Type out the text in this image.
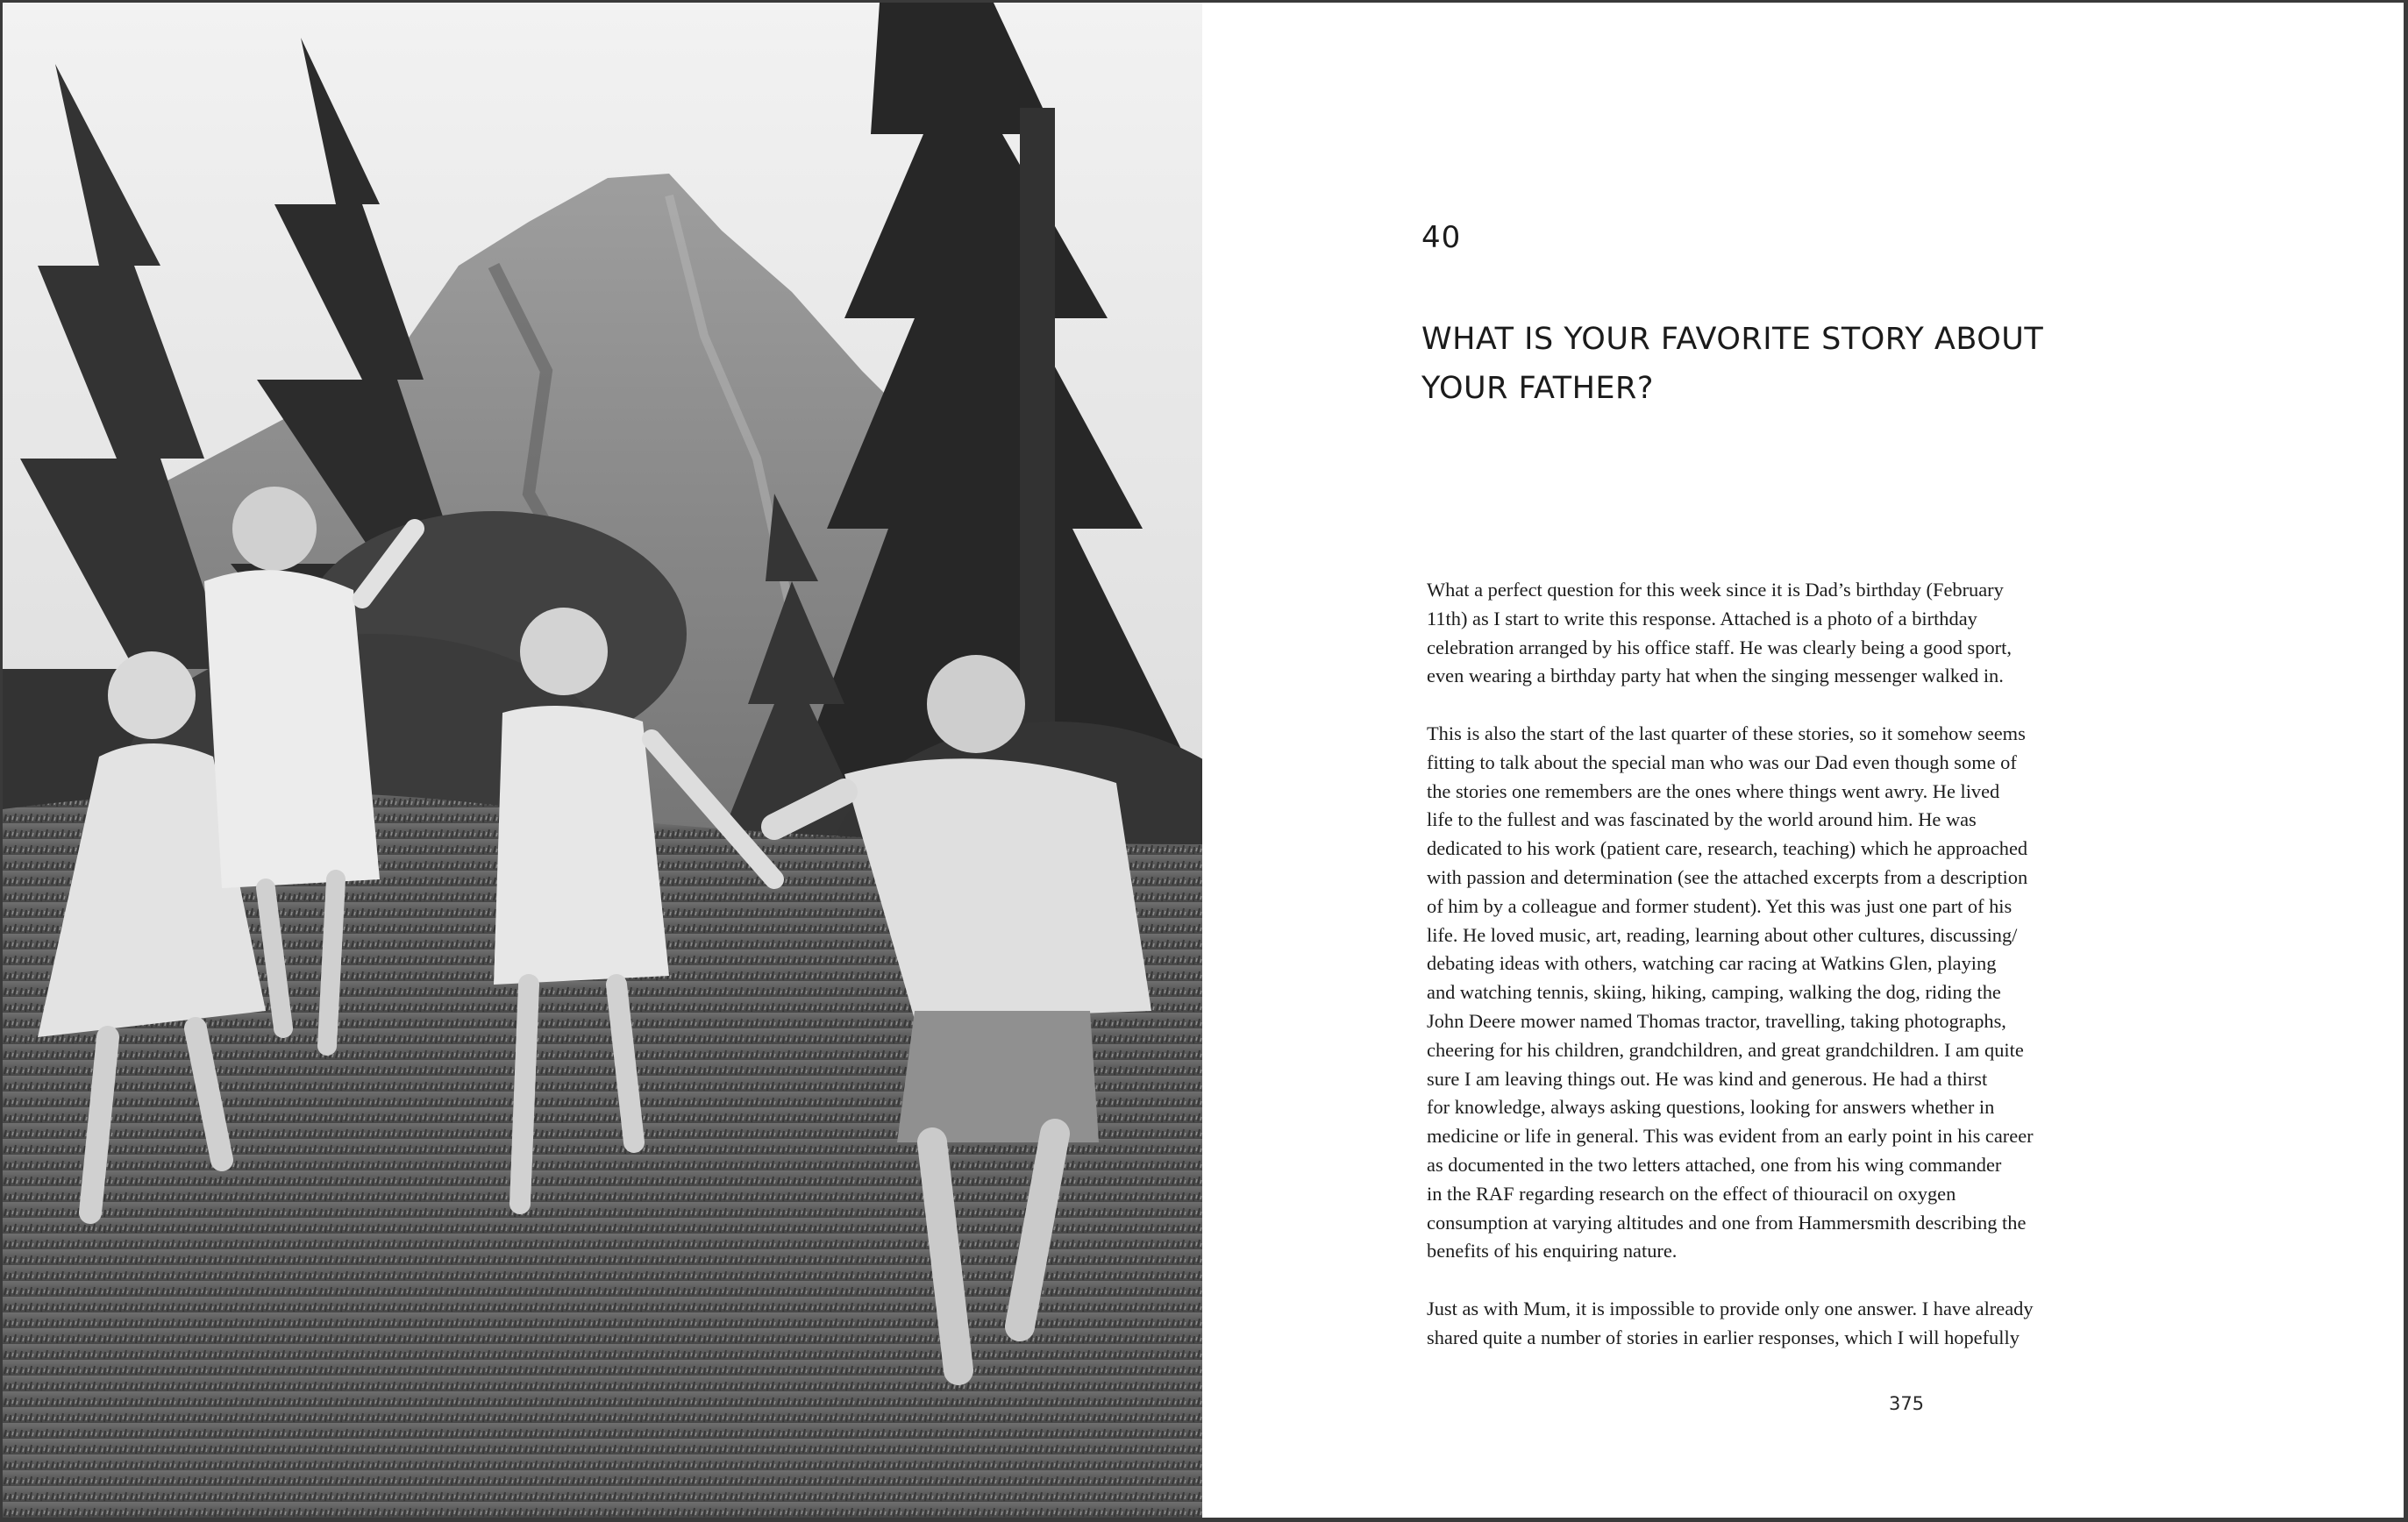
40
WHAT IS YOUR FAVORITE STORY ABOUT
YOUR FATHER?

What a perfect question for this week since it is Dad’s birthday (February
11th) as I start to write this response. Attached is a photo of a birthday
celebration arranged by his office staff. He was clearly being a good sport,
even wearing a birthday party hat when the singing messenger walked in.

This is also the start of the last quarter of these stories, so it somehow seems
fitting to talk about the special man who was our Dad even though some of
the stories one remembers are the ones where things went awry. He lived
life to the fullest and was fascinated by the world around him. He was
dedicated to his work (patient care, research, teaching) which he approached
with passion and determination (see the attached excerpts from a description
of him by a colleague and former student). Yet this was just one part of his
life. He loved music, art, reading, learning about other cultures, discussing/
debating ideas with others, watching car racing at Watkins Glen, playing
and watching tennis, skiing, hiking, camping, walking the dog, riding the
John Deere mower named Thomas tractor, travelling, taking photographs,
cheering for his children, grandchildren, and great grandchildren. I am quite
sure I am leaving things out. He was kind and generous. He had a thirst
for knowledge, always asking questions, looking for answers whether in
medicine or life in general. This was evident from an early point in his career
as documented in the two letters attached, one from his wing commander
in the RAF regarding research on the effect of thiouracil on oxygen
consumption at varying altitudes and one from Hammersmith describing the
benefits of his enquiring nature.

Just as with Mum, it is impossible to provide only one answer. I have already
shared quite a number of stories in earlier responses, which I will hopefully

375
